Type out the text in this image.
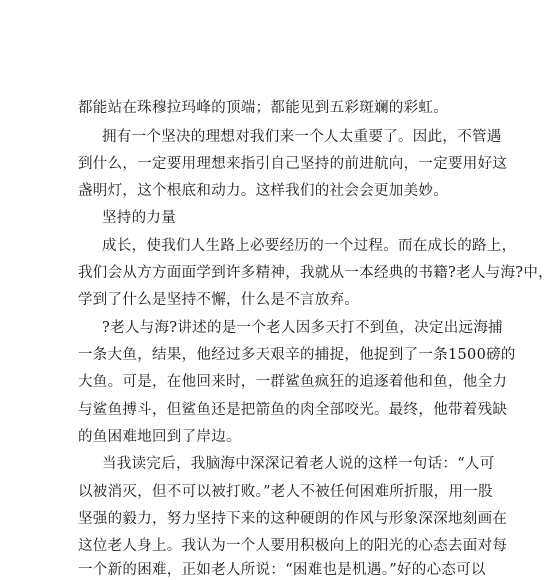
都能站在珠穆拉玛峰的顶端；都能见到五彩斑斓的彩虹。
拥有一个坚决的理想对我们来一个人太重要了。因此，不管遇
到什么，一定要用理想来指引自己坚持的前进航向，一定要用好这
盏明灯，这个根底和动力。这样我们的社会会更加美妙。
坚持的力量
成长，使我们人生路上必要经历的一个过程。而在成长的路上，
我们会从方方面面学到许多精神，我就从一本经典的书籍?老人与海?中，
学到了什么是坚持不懈，什么是不言放弃。
?老人与海?讲述的是一个老人因多天打不到鱼，决定出远海捕
一条大鱼，结果，他经过多天艰辛的捕捉，他捉到了一条1500磅的
大鱼。可是，在他回来时，一群鲨鱼疯狂的追逐着他和鱼，他全力
与鲨鱼搏斗，但鲨鱼还是把箭鱼的肉全部咬光。最终，他带着残缺
的鱼困难地回到了岸边。
当我读完后，我脑海中深深记着老人说的这样一句话：“人可
以被消灭，但不可以被打败。”老人不被任何困难所折服，用一股
坚强的毅力，努力坚持下来的这种硬朗的作风与形象深深地刻画在
这位老人身上。我认为一个人要用积极向上的阳光的心态去面对每
一个新的困难，正如老人所说：“困难也是机遇。”好的心态可以
